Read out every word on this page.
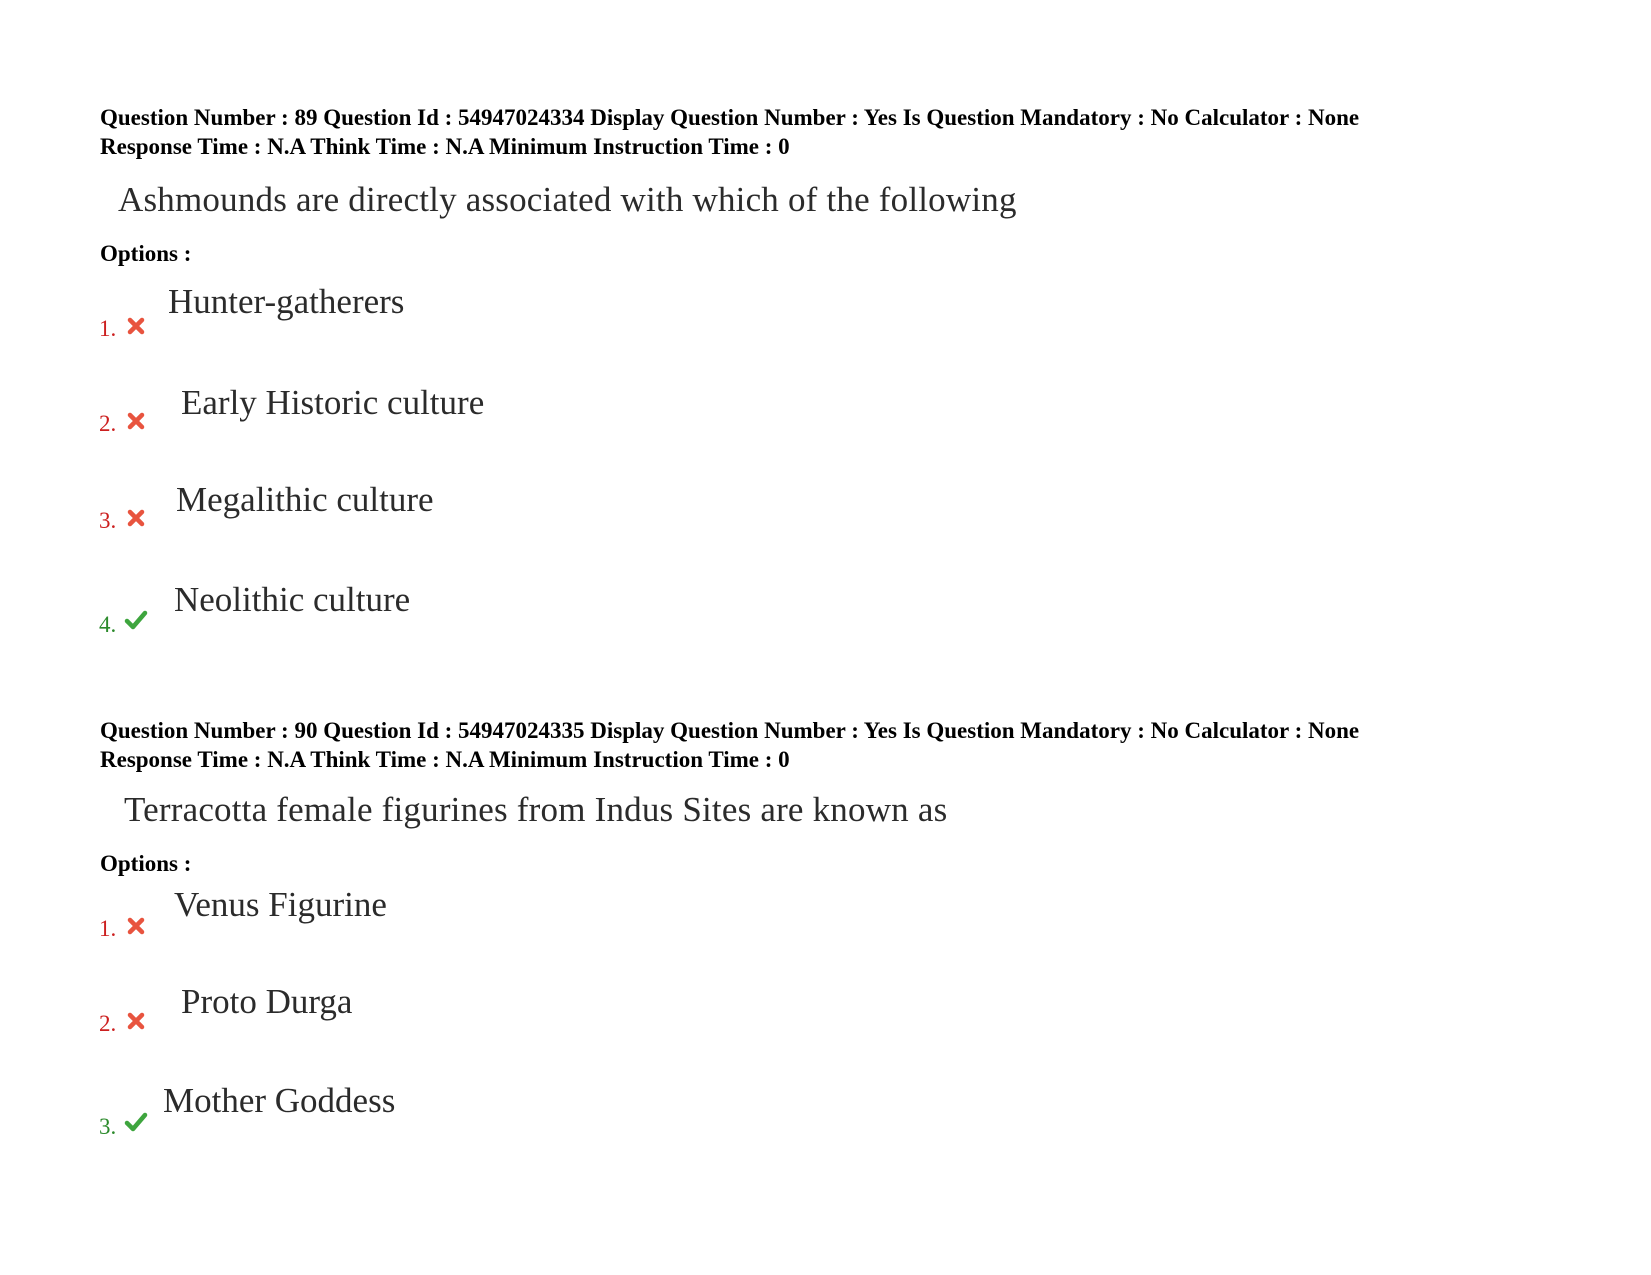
Question Number : 89 Question Id : 54947024334 Display Question Number : Yes Is Question Mandatory : No Calculator : None
Response Time : N.A Think Time : N.A Minimum Instruction Time : 0

Ashmounds are directly associated with which of the following
Options :
1.
Hunter-gatherers
2.
Early Historic culture
3.
Megalithic culture
4.
Neolithic culture

Question Number : 90 Question Id : 54947024335 Display Question Number : Yes Is Question Mandatory : No Calculator : None
Response Time : N.A Think Time : N.A Minimum Instruction Time : 0

Terracotta female figurines from Indus Sites are known as
Options :
1.
Venus Figurine
2.
Proto Durga
3.
Mother Goddess
